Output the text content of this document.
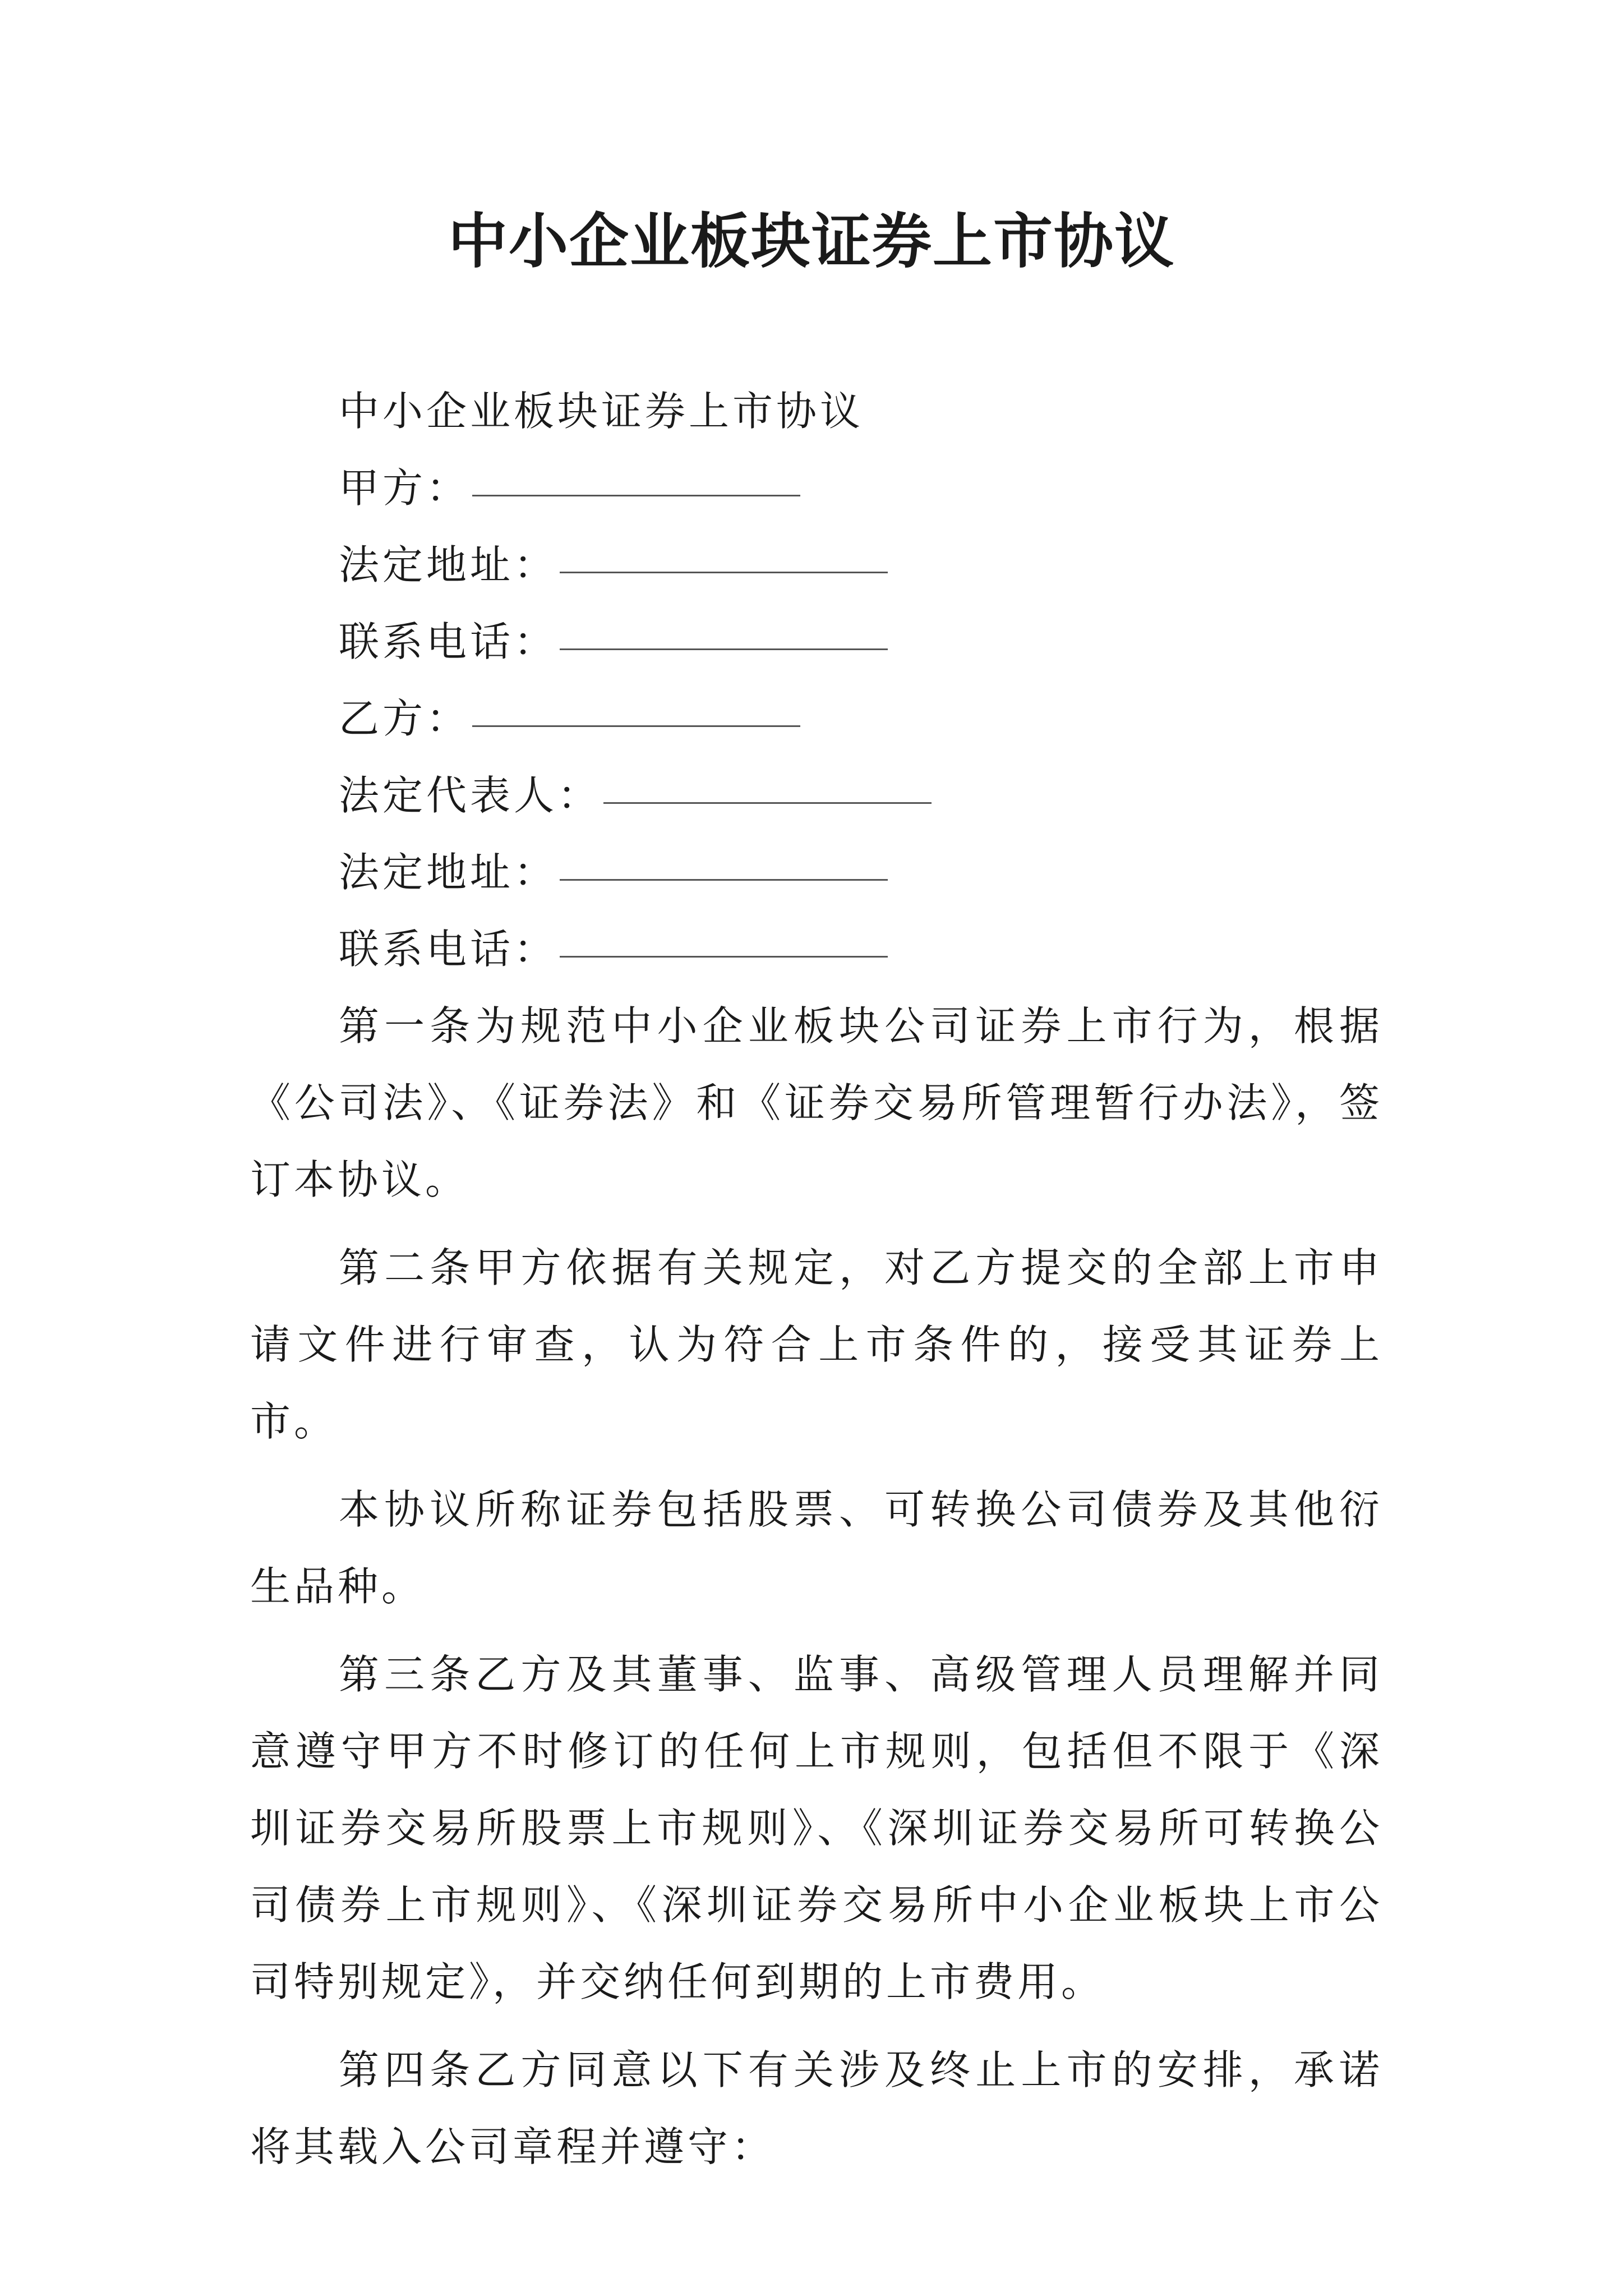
中小企业板块证券上市协议
中小企业板块证券上市协议
甲方：
法定地址：
联系电话：
乙方：
法定代表人：
法定地址：
联系电话：

第一条为规范中小企业板块公司证券上市行为，根据《公司法》、《证券法》和《证券交易所管理暂行办法》，签订本协议。

第二条甲方依据有关规定，对乙方提交的全部上市申请文件进行审查，认为符合上市条件的，接受其证券上市。

本协议所称证券包括股票、可转换公司债券及其他衍生品种。

第三条乙方及其董事、监事、高级管理人员理解并同意遵守甲方不时修订的任何上市规则，包括但不限于《深圳证券交易所股票上市规则》、《深圳证券交易所可转换公司债券上市规则》、《深圳证券交易所中小企业板块上市公司特别规定》，并交纳任何到期的上市费用。

第四条乙方同意以下有关涉及终止上市的安排，承诺将其载入公司章程并遵守：
